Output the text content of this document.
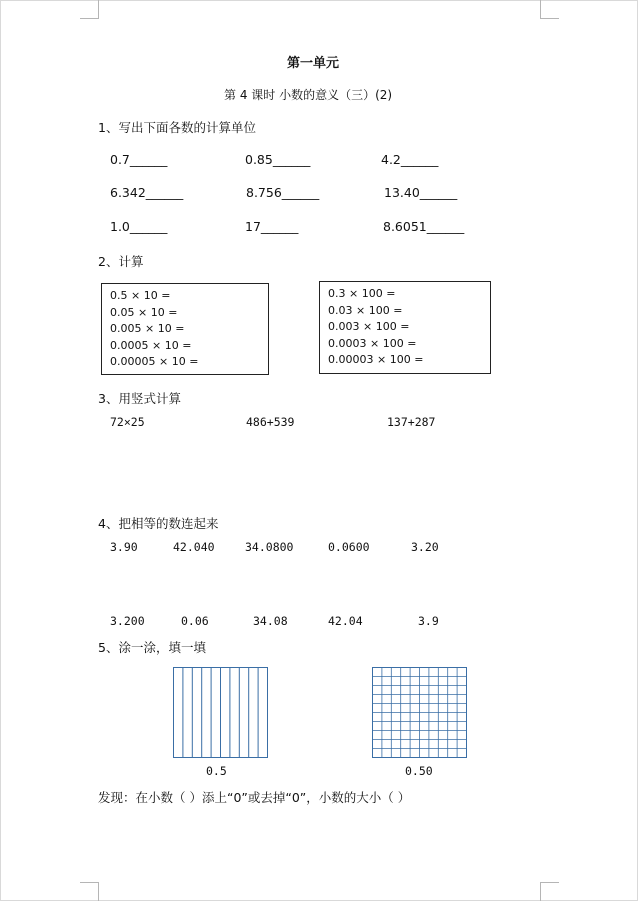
第一单元
第 4 课时 小数的意义（三）(2)
1、写出下面各数的计算单位
0.7______	0.85______	4.2______
6.342______	8.756______	13.40______
1.0______	17______	8.6051______
2、计算
0.5 × 10 =
0.05 × 10 =
0.005 × 10 =
0.0005 × 10 =
0.00005 × 10 =
0.3 × 100 =
0.03 × 100 =
0.003 × 100 =
0.0003 × 100 =
0.00003 × 100 =
3、用竖式计算
72×25	486+539	137+287
4、把相等的数连起来
3.90	42.040	34.0800	0.0600	3.20
3.200	0.06	34.08	42.04	3.9
5、涂一涂，填一填
0.5	0.50
发现：在小数（ ）添上“0”或去掉“0”，小数的大小（ ）
